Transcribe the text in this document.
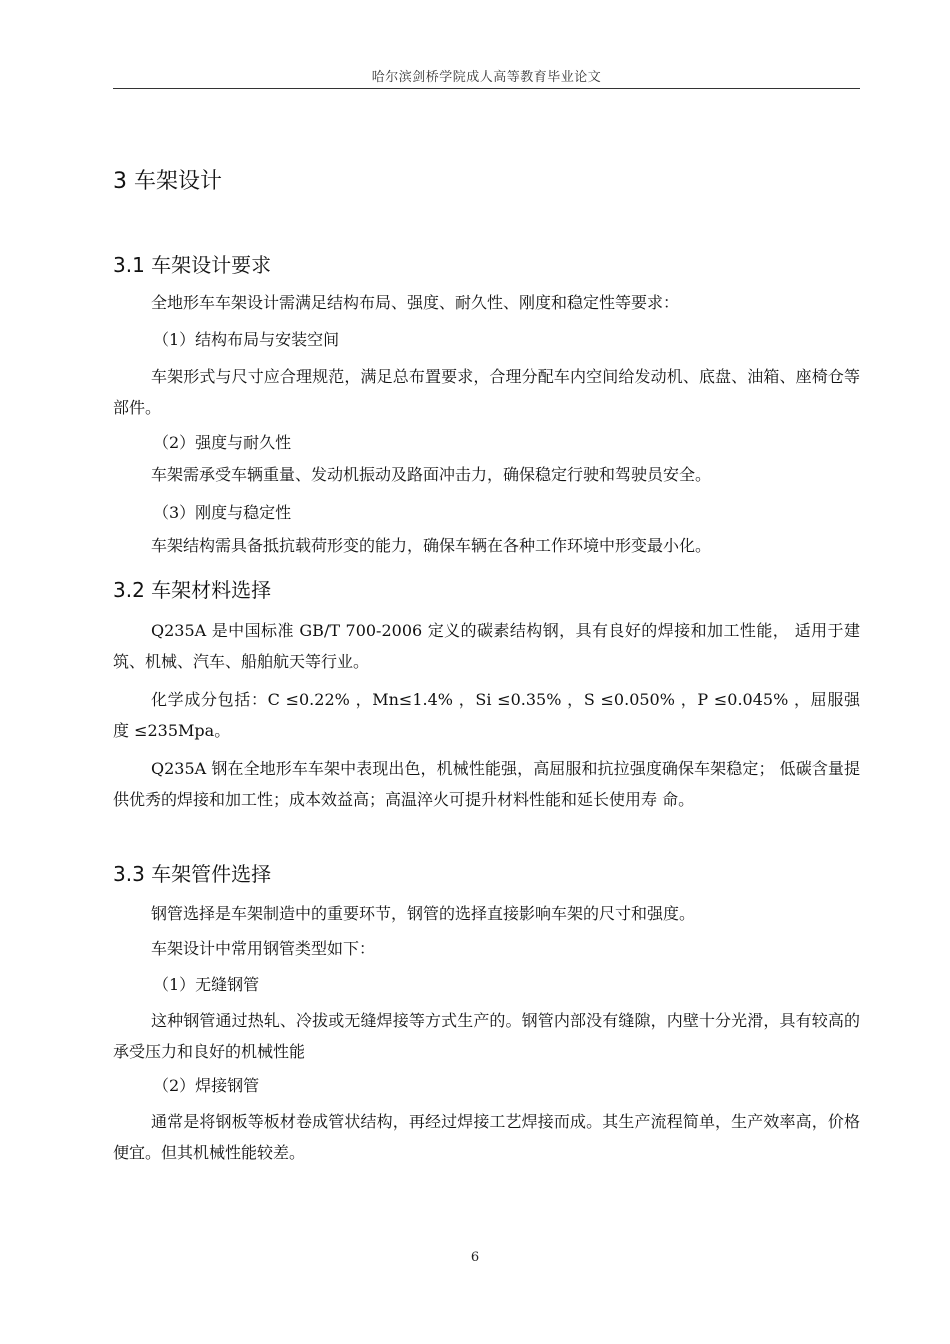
哈尔滨剑桥学院成人高等教育毕业论文
3 车架设计
3.1 车架设计要求
全地形车车架设计需满足结构布局、强度、耐久性、刚度和稳定性等要求：
（1）结构布局与安装空间
车架形式与尺寸应合理规范，满足总布置要求，合理分配车内空间给发动机、底盘、油箱、座椅仓等部件。
（2）强度与耐久性
车架需承受车辆重量、发动机振动及路面冲击力，确保稳定行驶和驾驶员安全。
（3）刚度与稳定性
车架结构需具备抵抗载荷形变的能力，确保车辆在各种工作环境中形变最小化。
3.2 车架材料选择
Q235A 是中国标准 GB/T 700-2006 定义的碳素结构钢，具有良好的焊接和加工性能， 适用于建筑、机械、汽车、船舶航天等行业。
化学成分包括：C ≤0.22% ，Mn≤1.4% ，Si ≤0.35% ，S ≤0.050% ，P ≤0.045% ，屈服强度 ≤235Mpa。
Q235A 钢在全地形车车架中表现出色，机械性能强，高屈服和抗拉强度确保车架稳定； 低碳含量提供优秀的焊接和加工性；成本效益高；高温淬火可提升材料性能和延长使用寿 命。
3.3 车架管件选择
钢管选择是车架制造中的重要环节，钢管的选择直接影响车架的尺寸和强度。
车架设计中常用钢管类型如下：
（1）无缝钢管
这种钢管通过热轧、冷拔或无缝焊接等方式生产的。钢管内部没有缝隙，内壁十分光滑，具有较高的承受压力和良好的机械性能
（2）焊接钢管
通常是将钢板等板材卷成管状结构，再经过焊接工艺焊接而成。其生产流程简单，生产效率高，价格便宜。但其机械性能较差。
6
